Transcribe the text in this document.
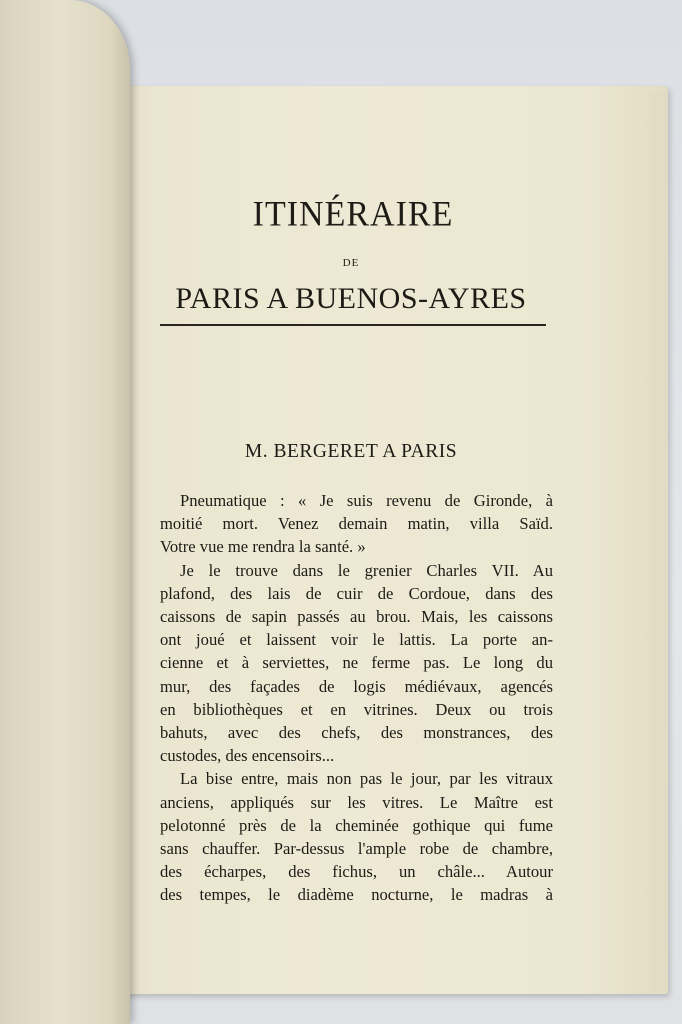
ITINÉRAIRE
DE
PARIS A BUENOS-AYRES
M. BERGERET A PARIS
Pneumatique : « Je suis revenu de Gironde, à
moitié mort. Venez demain matin, villa Saïd.
Votre vue me rendra la santé. »
Je le trouve dans le grenier Charles VII. Au
plafond, des lais de cuir de Cordoue, dans des
caissons de sapin passés au brou. Mais, les caissons
ont joué et laissent voir le lattis. La porte an-
cienne et à serviettes, ne ferme pas. Le long du
mur, des façades de logis médiévaux, agencés
en bibliothèques et en vitrines. Deux ou trois
bahuts, avec des chefs, des monstrances, des
custodes, des encensoirs...
La bise entre, mais non pas le jour, par les vitraux
anciens, appliqués sur les vitres. Le Maître est
pelotonné près de la cheminée gothique qui fume
sans chauffer. Par-dessus l'ample robe de chambre,
des écharpes, des fichus, un châle... Autour
des tempes, le diadème nocturne, le madras à
